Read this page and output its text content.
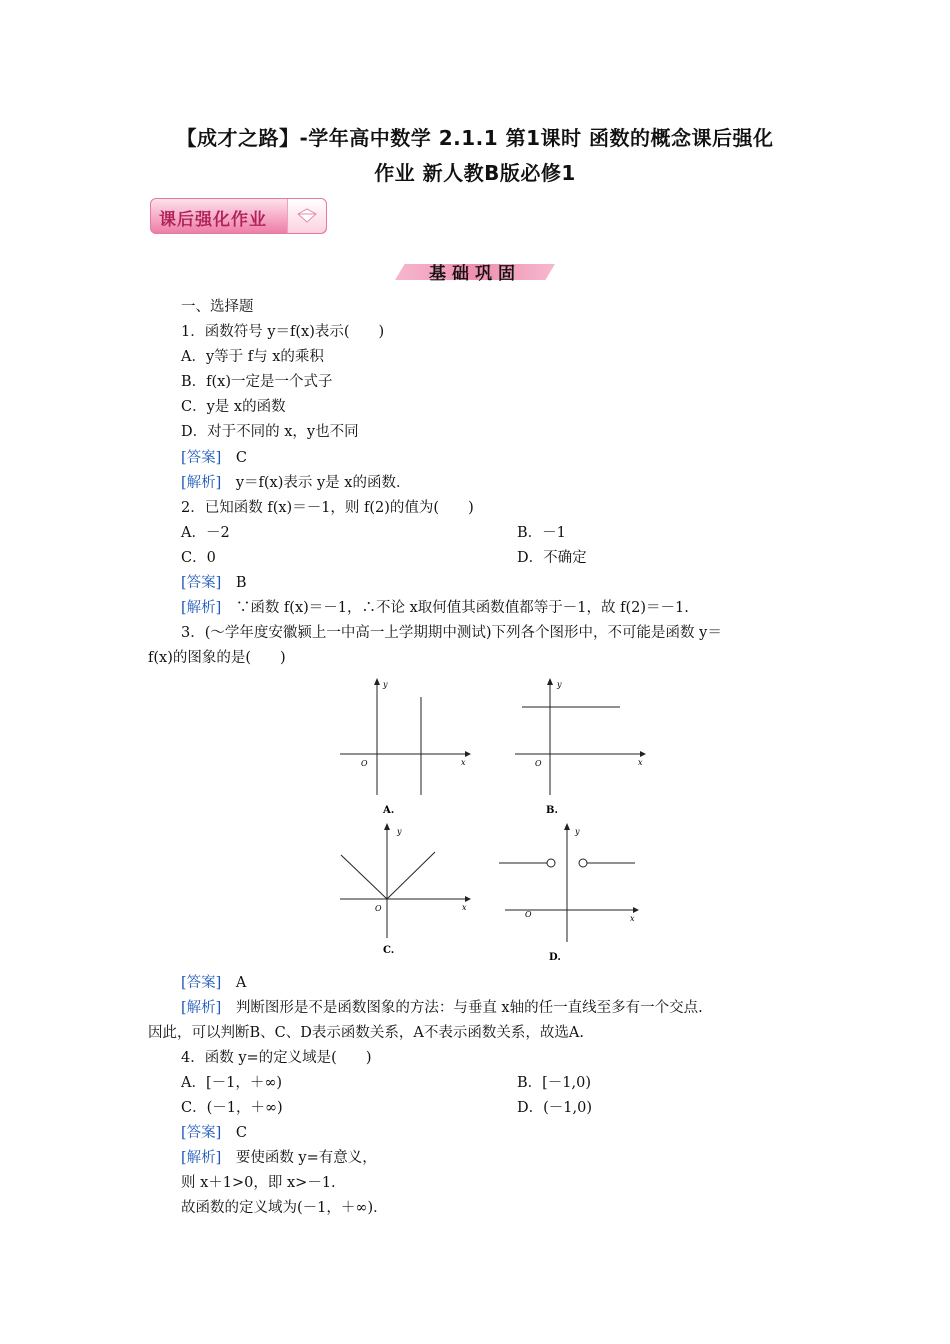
【成才之路】-学年高中数学 2.1.1 第1课时 函数的概念课后强化
作业 新人教B版必修1
课后强化作业
基础巩固
一、选择题
1．函数符号 y＝f(x)表示(　　)
A．y等于 f与 x的乘积
B．f(x)一定是一个式子
C．y是 x的函数
D．对于不同的 x，y也不同
[答案]　 C
[解析]　 y＝f(x)表示 y是 x的函数．
2．已知函数 f(x)＝－1，则 f(2)的值为(　　)
A．－2	B．－1
C．0	D．不确定
[答案]　 B
[解析]　 ∵函数 f(x)＝－1，∴不论 x取何值其函数值都等于－1，故 f(2)＝－1.
3．(～学年度安徽颍上一中高一上学期期中测试)下列各个图形中，不可能是函数 y＝
f(x)的图象的是(　　)
y
x
O
A.
y
x
O
B.
y
x
O
C.
y
x
O
D.
[答案]　 A
[解析]　 判断图形是不是函数图象的方法：与垂直 x轴的任一直线至多有一个交点.
因此，可以判断B、C、D表示函数关系，A不表示函数关系，故选A.
4．函数 y=的定义域是(　　)
A．[－1，＋∞)	B．[－1,0)
C．(－1，＋∞)	D．(－1,0)
[答案]　 C
[解析]　 要使函数 y=有意义，
则 x＋1>0，即 x>－1.
故函数的定义域为(－1，＋∞)．
